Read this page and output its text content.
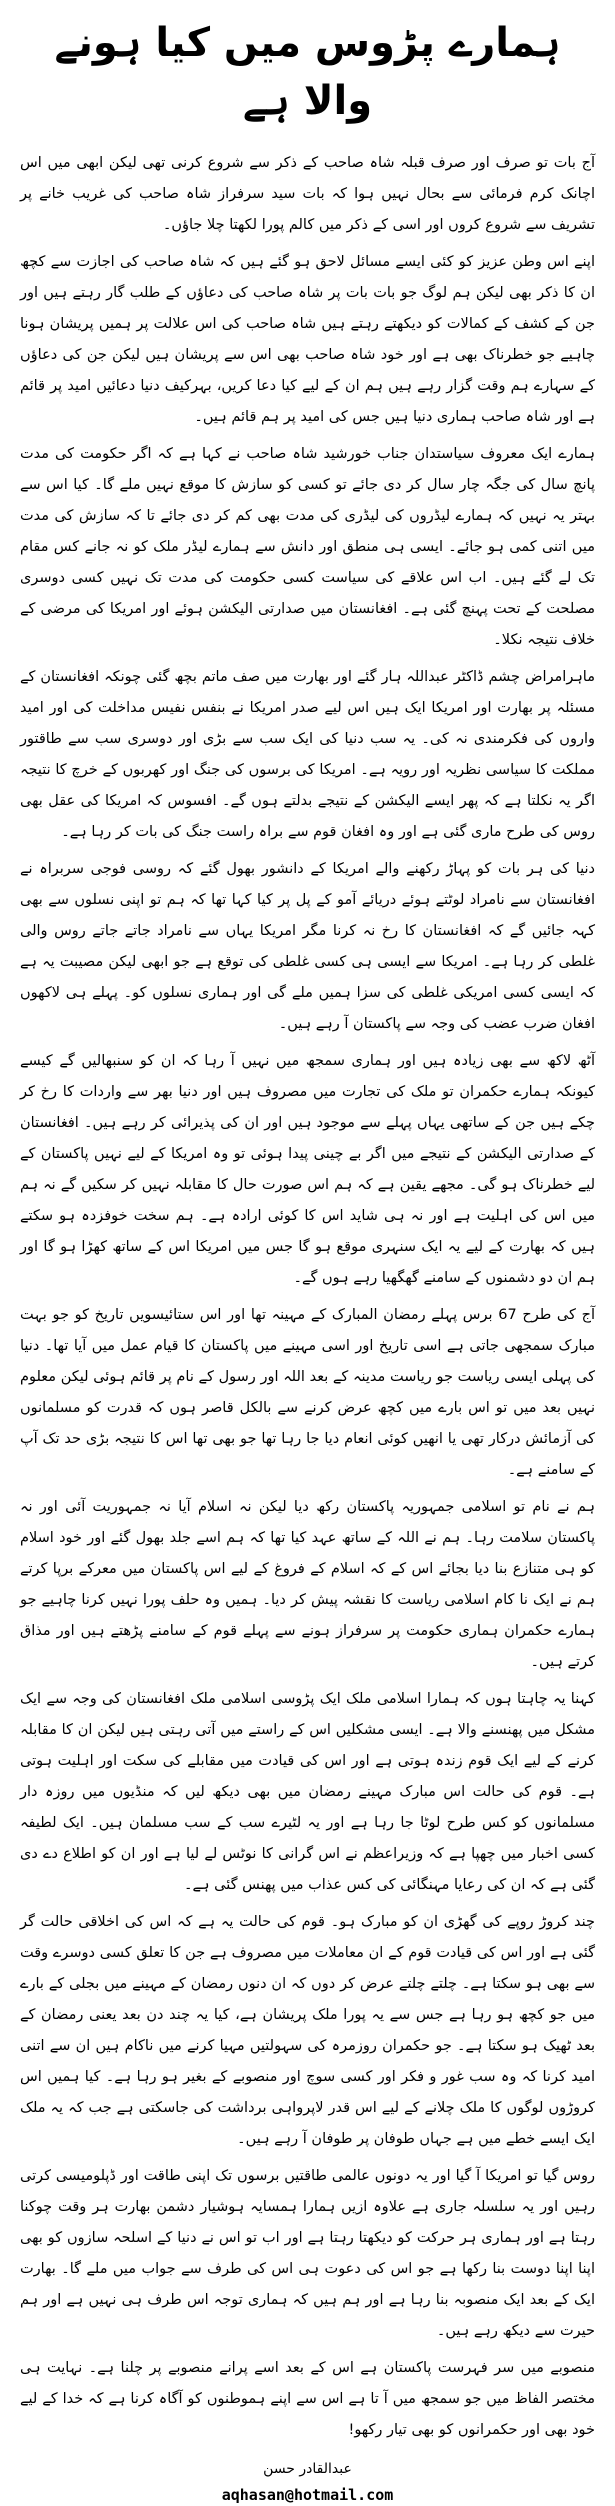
ہمارے پڑوس میں کیا ہونے والا ہے

آج بات تو صرف اور صرف قبلہ شاہ صاحب کے ذکر سے شروع کرنی تھی لیکن ابھی میں اس اچانک کرم فرمائی سے بحال نہیں ہوا کہ بات سید سرفراز شاہ صاحب کی غریب خانے پر تشریف سے شروع کروں اور اسی کے ذکر میں کالم پورا لکھتا چلا جاؤں۔

اپنے اس وطن عزیز کو کئی ایسے مسائل لاحق ہو گئے ہیں کہ شاہ صاحب کی اجازت سے کچھ ان کا ذکر بھی لیکن ہم لوگ جو بات بات پر شاہ صاحب کی دعاؤں کے طلب گار رہتے ہیں اور جن کے کشف کے کمالات کو دیکھتے رہتے ہیں شاہ صاحب کی اس علالت پر ہمیں پریشان ہونا چاہیے جو خطرناک بھی ہے اور خود شاہ صاحب بھی اس سے پریشان ہیں لیکن جن کی دعاؤں کے سہارے ہم وقت گزار رہے ہیں ہم ان کے لیے کیا دعا کریں، بہرکیف دنیا دعائیں امید پر قائم ہے اور شاہ صاحب ہماری دنیا ہیں جس کی امید پر ہم قائم ہیں۔

ہمارے ایک معروف سیاستدان جناب خورشید شاہ صاحب نے کہا ہے کہ اگر حکومت کی مدت پانچ سال کی جگہ چار سال کر دی جائے تو کسی کو سازش کا موقع نہیں ملے گا۔ کیا اس سے بہتر یہ نہیں کہ ہمارے لیڈروں کی لیڈری کی مدت بھی کم کر دی جائے تا کہ سازش کی مدت میں اتنی کمی ہو جائے۔ ایسی ہی منطق اور دانش سے ہمارے لیڈر ملک کو نہ جانے کس مقام تک لے گئے ہیں۔ اب اس علاقے کی سیاست کسی حکومت کی مدت تک نہیں کسی دوسری مصلحت کے تحت پہنچ گئی ہے۔ افغانستان میں صدارتی الیکشن ہوئے اور امریکا کی مرضی کے خلاف نتیجہ نکلا۔

ماہرامراض چشم ڈاکٹر عبداللہ ہار گئے اور بھارت میں صف ماتم بچھ گئی چونکہ افغانستان کے مسئلہ پر بھارت اور امریکا ایک ہیں اس لیے صدر امریکا نے بنفس نفیس مداخلت کی اور امید واروں کی فکرمندی نہ کی۔ یہ سب دنیا کی ایک سب سے بڑی اور دوسری سب سے طاقتور مملکت کا سیاسی نظریہ اور رویہ ہے۔ امریکا کی برسوں کی جنگ اور کھربوں کے خرچ کا نتیجہ اگر یہ نکلتا ہے کہ پھر ایسے الیکشن کے نتیجے بدلتے ہوں گے۔ افسوس کہ امریکا کی عقل بھی روس کی طرح ماری گئی ہے اور وہ افغان قوم سے براہ راست جنگ کی بات کر رہا ہے۔

دنیا کی ہر بات کو پہاڑ رکھنے والے امریکا کے دانشور بھول گئے کہ روسی فوجی سربراہ نے افغانستان سے نامراد لوٹتے ہوئے دریائے آمو کے پل پر کیا کہا تھا کہ ہم تو اپنی نسلوں سے بھی کہہ جائیں گے کہ افغانستان کا رخ نہ کرنا مگر امریکا یہاں سے نامراد جاتے جاتے روس والی غلطی کر رہا ہے۔ امریکا سے ایسی ہی کسی غلطی کی توقع ہے جو ابھی لیکن مصیبت یہ ہے کہ ایسی کسی امریکی غلطی کی سزا ہمیں ملے گی اور ہماری نسلوں کو۔ پہلے ہی لاکھوں افغان ضرب عضب کی وجہ سے پاکستان آ رہے ہیں۔

آٹھ لاکھ سے بھی زیادہ ہیں اور ہماری سمجھ میں نہیں آ رہا کہ ان کو سنبھالیں گے کیسے کیونکہ ہمارے حکمران تو ملک کی تجارت میں مصروف ہیں اور دنیا بھر سے واردات کا رخ کر چکے ہیں جن کے ساتھی یہاں پہلے سے موجود ہیں اور ان کی پذیرائی کر رہے ہیں۔ افغانستان کے صدارتی الیکشن کے نتیجے میں اگر بے چینی پیدا ہوئی تو وہ امریکا کے لیے نہیں پاکستان کے لیے خطرناک ہو گی۔ مجھے یقین ہے کہ ہم اس صورت حال کا مقابلہ نہیں کر سکیں گے نہ ہم میں اس کی اہلیت ہے اور نہ ہی شاید اس کا کوئی ارادہ ہے۔ ہم سخت خوفزدہ ہو سکتے ہیں کہ بھارت کے لیے یہ ایک سنہری موقع ہو گا جس میں امریکا اس کے ساتھ کھڑا ہو گا اور ہم ان دو دشمنوں کے سامنے گھگھیا رہے ہوں گے۔

آج کی طرح 67 برس پہلے رمضان المبارک کے مہینہ تھا اور اس ستائیسویں تاریخ کو جو بہت مبارک سمجھی جاتی ہے اسی تاریخ اور اسی مہینے میں پاکستان کا قیام عمل میں آیا تھا۔ دنیا کی پہلی ایسی ریاست جو ریاست مدینہ کے بعد اللہ اور رسول کے نام پر قائم ہوئی لیکن معلوم نہیں بعد میں تو اس بارے میں کچھ عرض کرنے سے بالکل قاصر ہوں کہ قدرت کو مسلمانوں کی آزمائش درکار تھی یا انھیں کوئی انعام دیا جا رہا تھا جو بھی تھا اس کا نتیجہ بڑی حد تک آپ کے سامنے ہے۔

ہم نے نام تو اسلامی جمہوریہ پاکستان رکھ دیا لیکن نہ اسلام آیا نہ جمہوریت آئی اور نہ پاکستان سلامت رہا۔ ہم نے اللہ کے ساتھ عہد کیا تھا کہ ہم اسے جلد بھول گئے اور خود اسلام کو ہی متنازع بنا دیا بجائے اس کے کہ اسلام کے فروغ کے لیے اس پاکستان میں معرکے برپا کرتے ہم نے ایک نا کام اسلامی ریاست کا نقشہ پیش کر دیا۔ ہمیں وہ حلف پورا نہیں کرنا چاہیے جو ہمارے حکمران ہماری حکومت پر سرفراز ہونے سے پہلے قوم کے سامنے پڑھتے ہیں اور مذاق کرتے ہیں۔

کہنا یہ چاہتا ہوں کہ ہمارا اسلامی ملک ایک پڑوسی اسلامی ملک افغانستان کی وجہ سے ایک مشکل میں پھنسنے والا ہے۔ ایسی مشکلیں اس کے راستے میں آتی رہتی ہیں لیکن ان کا مقابلہ کرنے کے لیے ایک قوم زندہ ہوتی ہے اور اس کی قیادت میں مقابلے کی سکت اور اہلیت ہوتی ہے۔ قوم کی حالت اس مبارک مہینے رمضان میں بھی دیکھ لیں کہ منڈیوں میں روزہ دار مسلمانوں کو کس طرح لوٹا جا رہا ہے اور یہ لٹیرے سب کے سب مسلمان ہیں۔ ایک لطیفہ کسی اخبار میں چھپا ہے کہ وزیراعظم نے اس گرانی کا نوٹس لے لیا ہے اور ان کو اطلاع دے دی گئی ہے کہ ان کی رعایا مہنگائی کی کس عذاب میں پھنس گئی ہے۔

چند کروڑ روپے کی گھڑی ان کو مبارک ہو۔ قوم کی حالت یہ ہے کہ اس کی اخلاقی حالت گر گئی ہے اور اس کی قیادت قوم کے ان معاملات میں مصروف ہے جن کا تعلق کسی دوسرے وقت سے بھی ہو سکتا ہے۔ چلتے چلتے عرض کر دوں کہ ان دنوں رمضان کے مہینے میں بجلی کے بارے میں جو کچھ ہو رہا ہے جس سے یہ پورا ملک پریشان ہے، کیا یہ چند دن بعد یعنی رمضان کے بعد ٹھیک ہو سکتا ہے۔ جو حکمران روزمرہ کی سہولتیں مہیا کرنے میں ناکام ہیں ان سے اتنی امید کرنا کہ وہ سب غور و فکر اور کسی سوچ اور منصوبے کے بغیر ہو رہا ہے۔ کیا ہمیں اس کروڑوں لوگوں کا ملک چلانے کے لیے اس قدر لاپرواہی برداشت کی جاسکتی ہے جب کہ یہ ملک ایک ایسے خطے میں ہے جہاں طوفان پر طوفان آ رہے ہیں۔

روس گیا تو امریکا آ گیا اور یہ دونوں عالمی طاقتیں برسوں تک اپنی طاقت اور ڈپلومیسی کرتی رہیں اور یہ سلسلہ جاری ہے علاوہ ازیں ہمارا ہمسایہ ہوشیار دشمن بھارت ہر وقت چوکنا رہتا ہے اور ہماری ہر حرکت کو دیکھتا رہتا ہے اور اب تو اس نے دنیا کے اسلحہ سازوں کو بھی اپنا اپنا دوست بنا رکھا ہے جو اس کی دعوت ہی اس کی طرف سے جواب میں ملے گا۔ بھارت ایک کے بعد ایک منصوبہ بنا رہا ہے اور ہم ہیں کہ ہماری توجہ اس طرف ہی نہیں ہے اور ہم حیرت سے دیکھ رہے ہیں۔

منصوبے میں سر فہرست پاکستان ہے اس کے بعد اسے پرانے منصوبے پر چلنا ہے۔ نہایت ہی مختصر الفاظ میں جو سمجھ میں آ تا ہے اس سے اپنے ہموطنوں کو آگاہ کرنا ہے کہ خدا کے لیے خود بھی اور حکمرانوں کو بھی تیار رکھو!

عبدالقادر حسن
aqhasan@hotmail.com
